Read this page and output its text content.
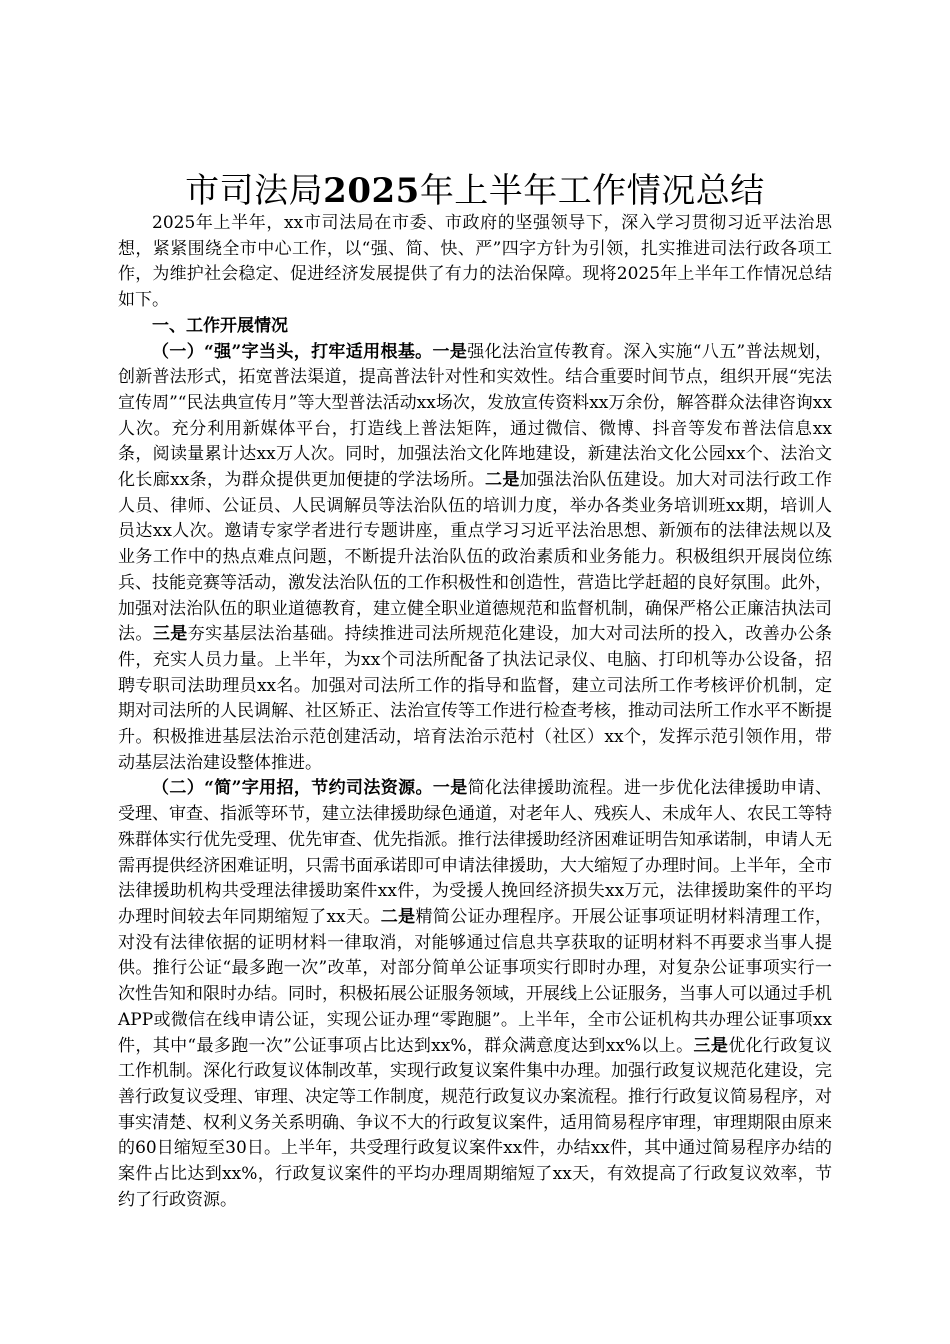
市司法局2025年上半年工作情况总结

2025年上半年，xx市司法局在市委、市政府的坚强领导下，深入学习贯彻习近平法治思想，紧紧围绕全市中心工作，以“强、简、快、严”四字方针为引领，扎实推进司法行政各项工作，为维护社会稳定、促进经济发展提供了有力的法治保障。现将2025年上半年工作情况总结如下。

一、工作开展情况

（一）“强”字当头，打牢适用根基。一是强化法治宣传教育。深入实施“八五”普法规划，创新普法形式，拓宽普法渠道，提高普法针对性和实效性。结合重要时间节点，组织开展“宪法宣传周”“民法典宣传月”等大型普法活动xx场次，发放宣传资料xx万余份，解答群众法律咨询xx人次。充分利用新媒体平台，打造线上普法矩阵，通过微信、微博、抖音等发布普法信息xx条，阅读量累计达xx万人次。同时，加强法治文化阵地建设，新建法治文化公园xx个、法治文化长廊xx条，为群众提供更加便捷的学法场所。二是加强法治队伍建设。加大对司法行政工作人员、律师、公证员、人民调解员等法治队伍的培训力度，举办各类业务培训班xx期，培训人员达xx人次。邀请专家学者进行专题讲座，重点学习习近平法治思想、新颁布的法律法规以及业务工作中的热点难点问题，不断提升法治队伍的政治素质和业务能力。积极组织开展岗位练兵、技能竞赛等活动，激发法治队伍的工作积极性和创造性，营造比学赶超的良好氛围。此外，加强对法治队伍的职业道德教育，建立健全职业道德规范和监督机制，确保严格公正廉洁执法司法。三是夯实基层法治基础。持续推进司法所规范化建设，加大对司法所的投入，改善办公条件，充实人员力量。上半年，为xx个司法所配备了执法记录仪、电脑、打印机等办公设备，招聘专职司法助理员xx名。加强对司法所工作的指导和监督，建立司法所工作考核评价机制，定期对司法所的人民调解、社区矫正、法治宣传等工作进行检查考核，推动司法所工作水平不断提升。积极推进基层法治示范创建活动，培育法治示范村（社区）xx个，发挥示范引领作用，带动基层法治建设整体推进。

（二）“简”字用招，节约司法资源。一是简化法律援助流程。进一步优化法律援助申请、受理、审查、指派等环节，建立法律援助绿色通道，对老年人、残疾人、未成年人、农民工等特殊群体实行优先受理、优先审查、优先指派。推行法律援助经济困难证明告知承诺制，申请人无需再提供经济困难证明，只需书面承诺即可申请法律援助，大大缩短了办理时间。上半年，全市法律援助机构共受理法律援助案件xx件，为受援人挽回经济损失xx万元，法律援助案件的平均办理时间较去年同期缩短了xx天。二是精简公证办理程序。开展公证事项证明材料清理工作，对没有法律依据的证明材料一律取消，对能够通过信息共享获取的证明材料不再要求当事人提供。推行公证“最多跑一次”改革，对部分简单公证事项实行即时办理，对复杂公证事项实行一次性告知和限时办结。同时，积极拓展公证服务领域，开展线上公证服务，当事人可以通过手机APP或微信在线申请公证，实现公证办理“零跑腿”。上半年，全市公证机构共办理公证事项xx件，其中“最多跑一次”公证事项占比达到xx%，群众满意度达到xx%以上。三是优化行政复议工作机制。深化行政复议体制改革，实现行政复议案件集中办理。加强行政复议规范化建设，完善行政复议受理、审理、决定等工作制度，规范行政复议办案流程。推行行政复议简易程序，对事实清楚、权利义务关系明确、争议不大的行政复议案件，适用简易程序审理，审理期限由原来的60日缩短至30日。上半年，共受理行政复议案件xx件，办结xx件，其中通过简易程序办结的案件占比达到xx%，行政复议案件的平均办理周期缩短了xx天，有效提高了行政复议效率，节约了行政资源。
